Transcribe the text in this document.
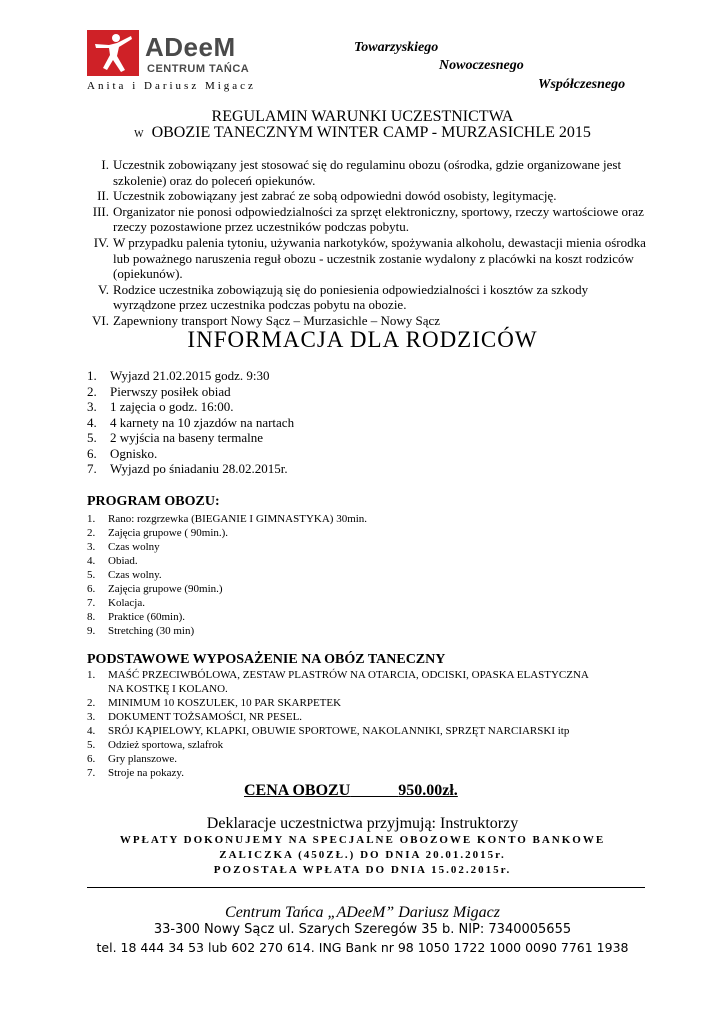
ADeeM
CENTRUM TAŃCA
Anita i Dariusz Migacz
Towarzyskiego
Nowoczesnego
Współczesnego
REGULAMIN WARUNKI UCZESTNICTWA
W OBOZIE TANECZNYM WINTER CAMP - MURZASICHLE 2015
I. Uczestnik zobowiązany jest stosować się do regulaminu obozu (ośrodka, gdzie organizowane jest szkolenie) oraz do poleceń opiekunów.
II. Uczestnik zobowiązany jest zabrać ze sobą odpowiedni dowód osobisty, legitymację.
III. Organizator nie ponosi odpowiedzialności za sprzęt elektroniczny, sportowy, rzeczy wartościowe oraz rzeczy pozostawione przez uczestników podczas pobytu.
IV. W przypadku palenia tytoniu, używania narkotyków, spożywania alkoholu, dewastacji mienia ośrodka lub poważnego naruszenia reguł obozu - uczestnik zostanie wydalony z placówki na koszt rodziców (opiekunów).
V. Rodzice uczestnika zobowiązują się do poniesienia odpowiedzialności i kosztów za szkody wyrządzone przez uczestnika podczas pobytu na obozie.
VI. Zapewniony transport Nowy Sącz – Murzasichle – Nowy Sącz
INFORMACJA DLA RODZICÓW
1. Wyjazd 21.02.2015 godz. 9:30
2. Pierwszy posiłek obiad
3. 1 zajęcia o godz. 16:00.
4. 4 karnety na 10 zjazdów na nartach
5. 2 wyjścia na baseny termalne
6. Ognisko.
7. Wyjazd po śniadaniu 28.02.2015r.
PROGRAM OBOZU:
1. Rano: rozgrzewka (BIEGANIE I GIMNASTYKA) 30min.
2. Zajęcia grupowe ( 90min.).
3. Czas wolny
4. Obiad.
5. Czas wolny.
6. Zajęcia grupowe (90min.)
7. Kolacja.
8. Praktice (60min).
9. Stretching (30 min)
PODSTAWOWE WYPOSAŻENIE NA OBÓZ TANECZNY
1. MAŚĆ PRZECIWBÓLOWA, ZESTAW PLASTRÓW NA OTARCIA, ODCISKI, OPASKA ELASTYCZNA NA KOSTKĘ I KOLANO.
2. MINIMUM 10 KOSZULEK, 10 PAR SKARPETEK
3. DOKUMENT TOŻSAMOŚCI, NR PESEL.
4. SRÓJ KĄPIELOWY, KLAPKI, OBUWIE SPORTOWE, NAKOLANNIKI, SPRZĘT NARCIARSKI itp
5. Odzież sportowa, szlafrok
6. Gry planszowe.
7. Stroje na pokazy.
CENA OBOZU	950.00zł.
Deklaracje uczestnictwa przyjmują: Instruktorzy
WPŁATY DOKONUJEMY NA SPECJALNE OBOZOWE KONTO BANKOWE
ZALICZKA (450ZŁ.) DO DNIA 20.01.2015r.
POZOSTAŁA WPŁATA DO DNIA 15.02.2015r.
Centrum Tańca „ADeeM” Dariusz Migacz
33-300 Nowy Sącz ul. Szarych Szeregów 35 b. NIP: 7340005655
tel. 18 444 34 53 lub 602 270 614. ING Bank nr 98 1050 1722 1000 0090 7761 1938
